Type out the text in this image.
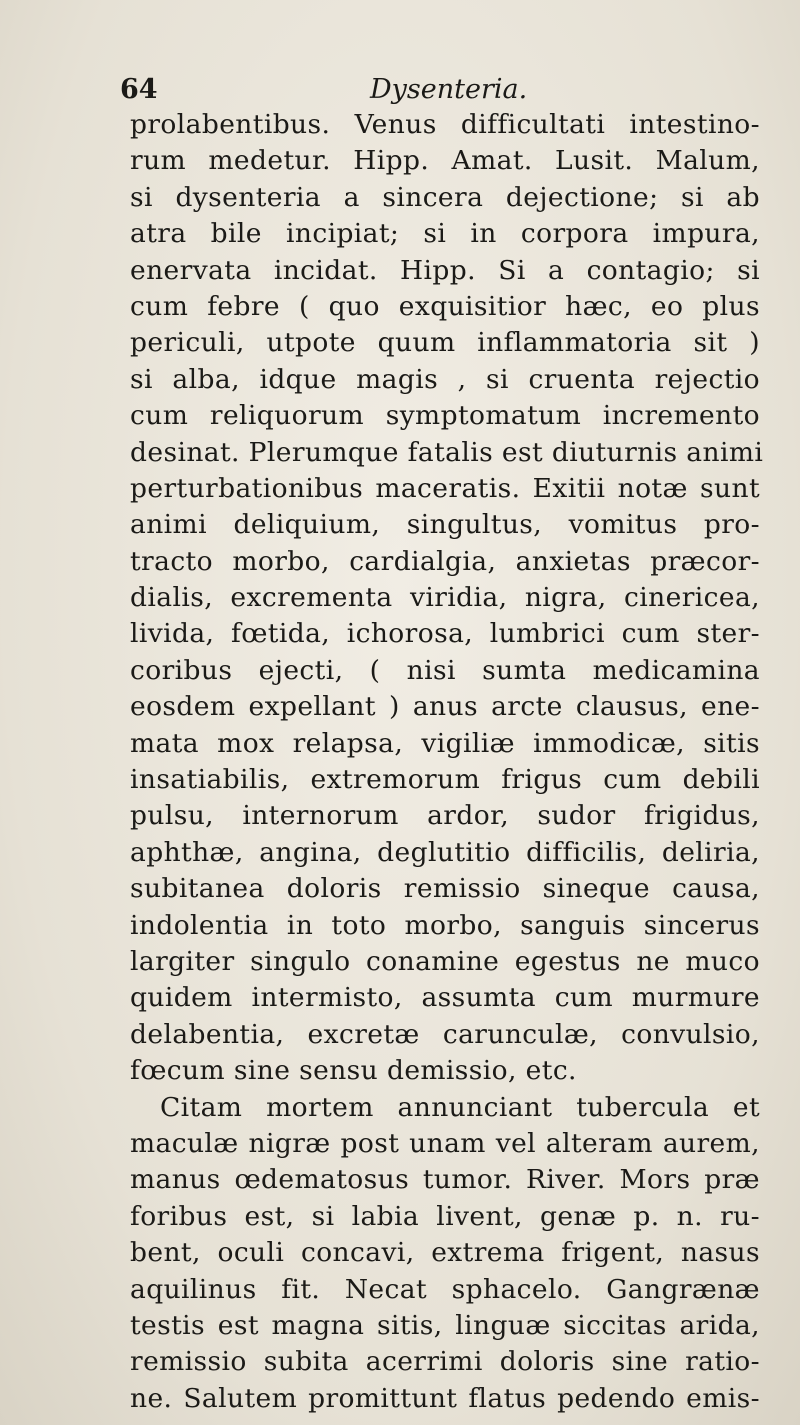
64	Dysenteria.
prolabentibus. Venus difficultati intestino-
rum medetur. Hipp. Amat. Lusit. Malum,
si dysenteria a sincera dejectione; si ab
atra bile incipiat; si in corpora impura,
enervata incidat. Hipp. Si a contagio; si
cum febre ( quo exquisitior hæc, eo plus
periculi, utpote quum inflammatoria sit )
si alba, idque magis , si cruenta rejectio
cum reliquorum symptomatum incremento
desinat. Plerumque fatalis est diuturnis animi
perturbationibus maceratis. Exitii notæ sunt
animi deliquium, singultus, vomitus pro-
tracto morbo, cardialgia, anxietas præcor-
dialis, excrementa viridia, nigra, cinericea,
livida, fœtida, ichorosa, lumbrici cum ster-
coribus ejecti, ( nisi sumta medicamina
eosdem expellant ) anus arcte clausus, ene-
mata mox relapsa, vigiliæ immodicæ, sitis
insatiabilis, extremorum frigus cum debili
pulsu, internorum ardor, sudor frigidus,
aphthæ, angina, deglutitio difficilis, deliria,
subitanea doloris remissio sineque causa,
indolentia in toto morbo, sanguis sincerus
largiter singulo conamine egestus ne muco
quidem intermisto, assumta cum murmure
delabentia, excretæ carunculæ, convulsio,
fœcum sine sensu demissio, etc.
Citam mortem annunciant tubercula et
maculæ nigræ post unam vel alteram aurem,
manus œdematosus tumor. River. Mors præ
foribus est, si labia livent, genæ p. n. ru-
bent, oculi concavi, extrema frigent, nasus
aquilinus fit. Necat sphacelo. Gangrænæ
testis est magna sitis, linguæ siccitas arida,
remissio subita acerrimi doloris sine ratio-
ne. Salutem promittunt flatus pedendo emis-
